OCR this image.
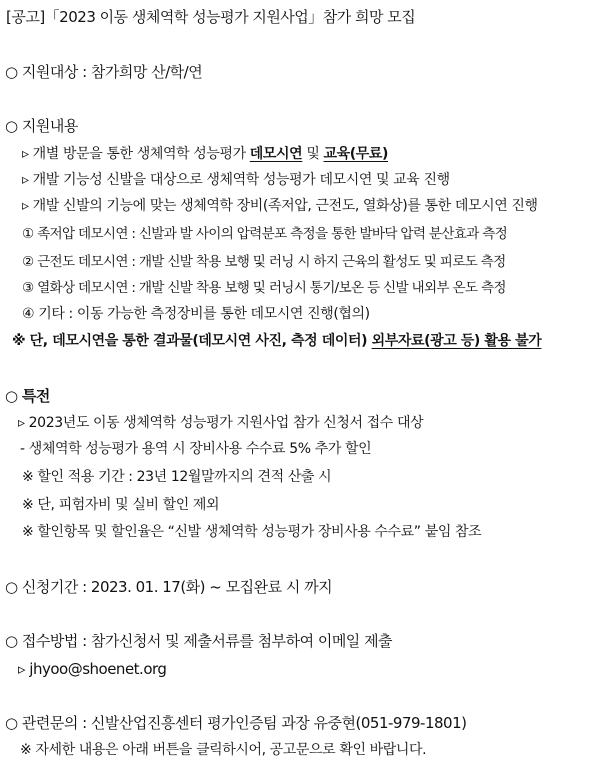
[공고]「2023 이동 생체역학 성능평가 지원사업」참가 희망 모집
○ 지원대상 : 참가희망 산/학/연
○ 지원내용
▹ 개별 방문을 통한 생체역학 성능평가 데모시연 및 교육(무료)
▹ 개발 기능성 신발을 대상으로 생체역학 성능평가 데모시연 및 교육 진행
▹ 개발 신발의 기능에 맞는 생체역학 장비(족저압, 근전도, 열화상)를 통한 데모시연 진행
① 족저압 데모시연 : 신발과 발 사이의 압력분포 측정을 통한 발바닥 압력 분산효과 측정
② 근전도 데모시연 : 개발 신발 착용 보행 및 러닝 시 하지 근육의 활성도 및 피로도 측정
③ 열화상 데모시연 : 개발 신발 착용 보행 및 러닝시 통기/보온 등 신발 내외부 온도 측정
④ 기타 : 이동 가능한 측정장비를 통한 데모시연 진행(협의)
※ 단, 데모시연을 통한 결과물(데모시연 사진, 측정 데이터) 외부자료(광고 등) 활용 불가
○ 특전
▹ 2023년도 이동 생체역학 성능평가 지원사업 참가 신청서 접수 대상
- 생체역학 성능평가 용역 시 장비사용 수수료 5% 추가 할인
※ 할인 적용 기간 : 23년 12월말까지의 견적 산출 시
※ 단, 피험자비 및 실비 할인 제외
※ 할인항목 및 할인율은 “신발 생체역학 성능평가 장비사용 수수료” 붙임 참조
○ 신청기간 : 2023. 01. 17(화) ~ 모집완료 시 까지
○ 접수방법 : 참가신청서 및 제출서류를 첨부하여 이메일 제출
▹ jhyoo@shoenet.org
○ 관련문의 : 신발산업진흥센터 평가인증팀 과장 유중현(051-979-1801)
※ 자세한 내용은 아래 버튼을 클릭하시어, 공고문으로 확인 바랍니다.
